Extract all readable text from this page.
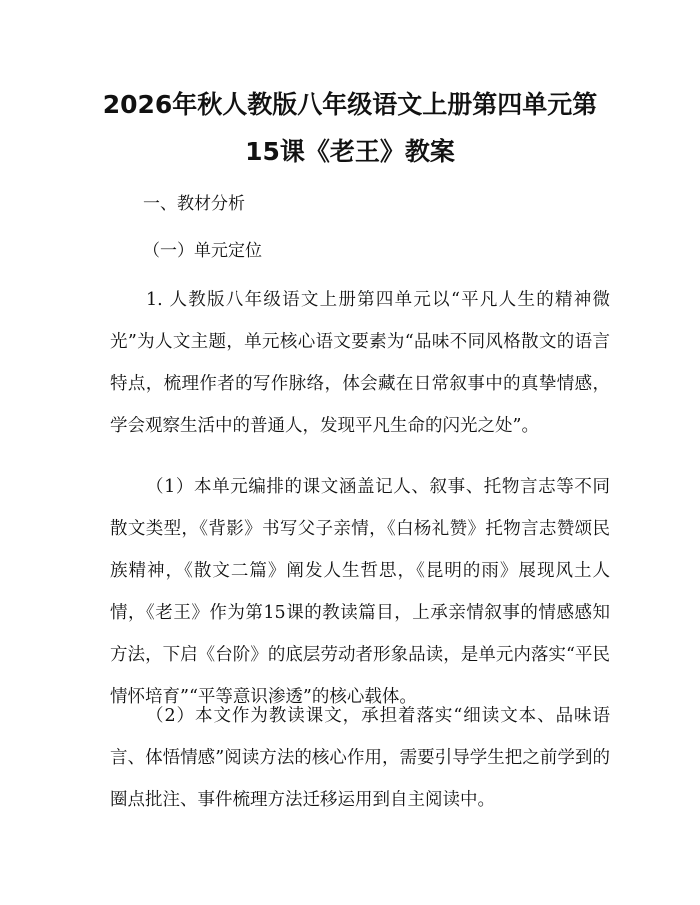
2026年秋人教版八年级语文上册第四单元第
15课《老王》教案

一、教材分析

（一）单元定位

1. 人教版八年级语文上册第四单元以“平凡人生的精神微光”为人文主题，单元核心语文要素为“品味不同风格散文的语言特点，梳理作者的写作脉络，体会藏在日常叙事中的真挚情感，学会观察生活中的普通人，发现平凡生命的闪光之处”。

（1）本单元编排的课文涵盖记人、叙事、托物言志等不同散文类型，《背影》书写父子亲情，《白杨礼赞》托物言志赞颂民族精神，《散文二篇》阐发人生哲思，《昆明的雨》展现风土人情，《老王》作为第15课的教读篇目，上承亲情叙事的情感感知方法，下启《台阶》的底层劳动者形象品读，是单元内落实“平民情怀培育”“平等意识渗透”的核心载体。

（2）本文作为教读课文，承担着落实“细读文本、品味语言、体悟情感”阅读方法的核心作用，需要引导学生把之前学到的圈点批注、事件梳理方法迁移运用到自主阅读中。
